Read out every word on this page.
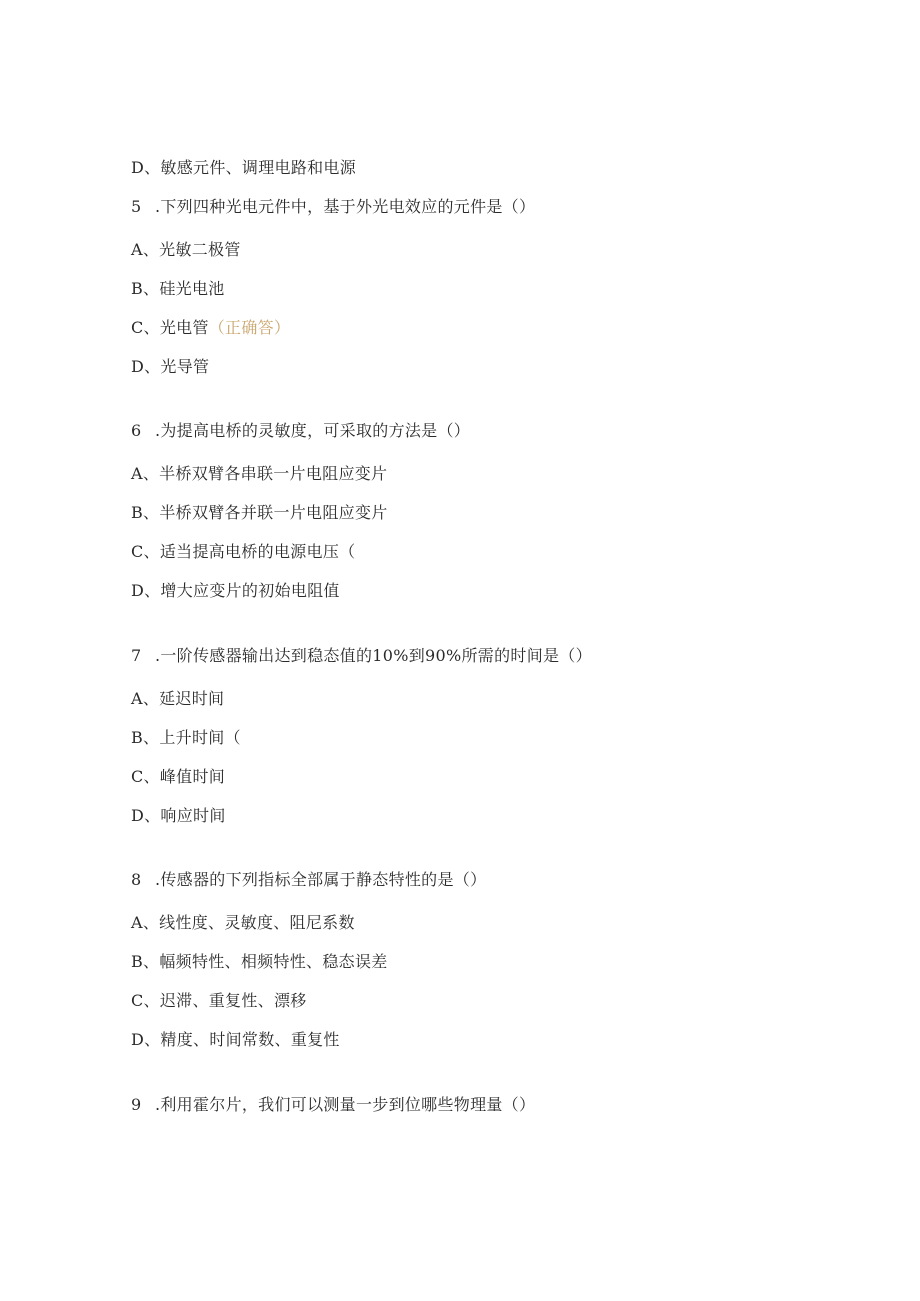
D、敏感元件、调理电路和电源
5 .下列四种光电元件中，基于外光电效应的元件是（）
A、光敏二极管
B、硅光电池
C、光电管（正确答）
D、光导管
6 .为提高电桥的灵敏度，可采取的方法是（）
A、半桥双臂各串联一片电阻应变片
B、半桥双臂各并联一片电阻应变片
C、适当提高电桥的电源电压（
D、增大应变片的初始电阻值
7 .一阶传感器输出达到稳态值的10%到90%所需的时间是（）
A、延迟时间
B、上升时间（
C、峰值时间
D、响应时间
8 .传感器的下列指标全部属于静态特性的是（）
A、线性度、灵敏度、阻尼系数
B、幅频特性、相频特性、稳态误差
C、迟滞、重复性、漂移
D、精度、时间常数、重复性
9 .利用霍尔片，我们可以测量一步到位哪些物理量（）
